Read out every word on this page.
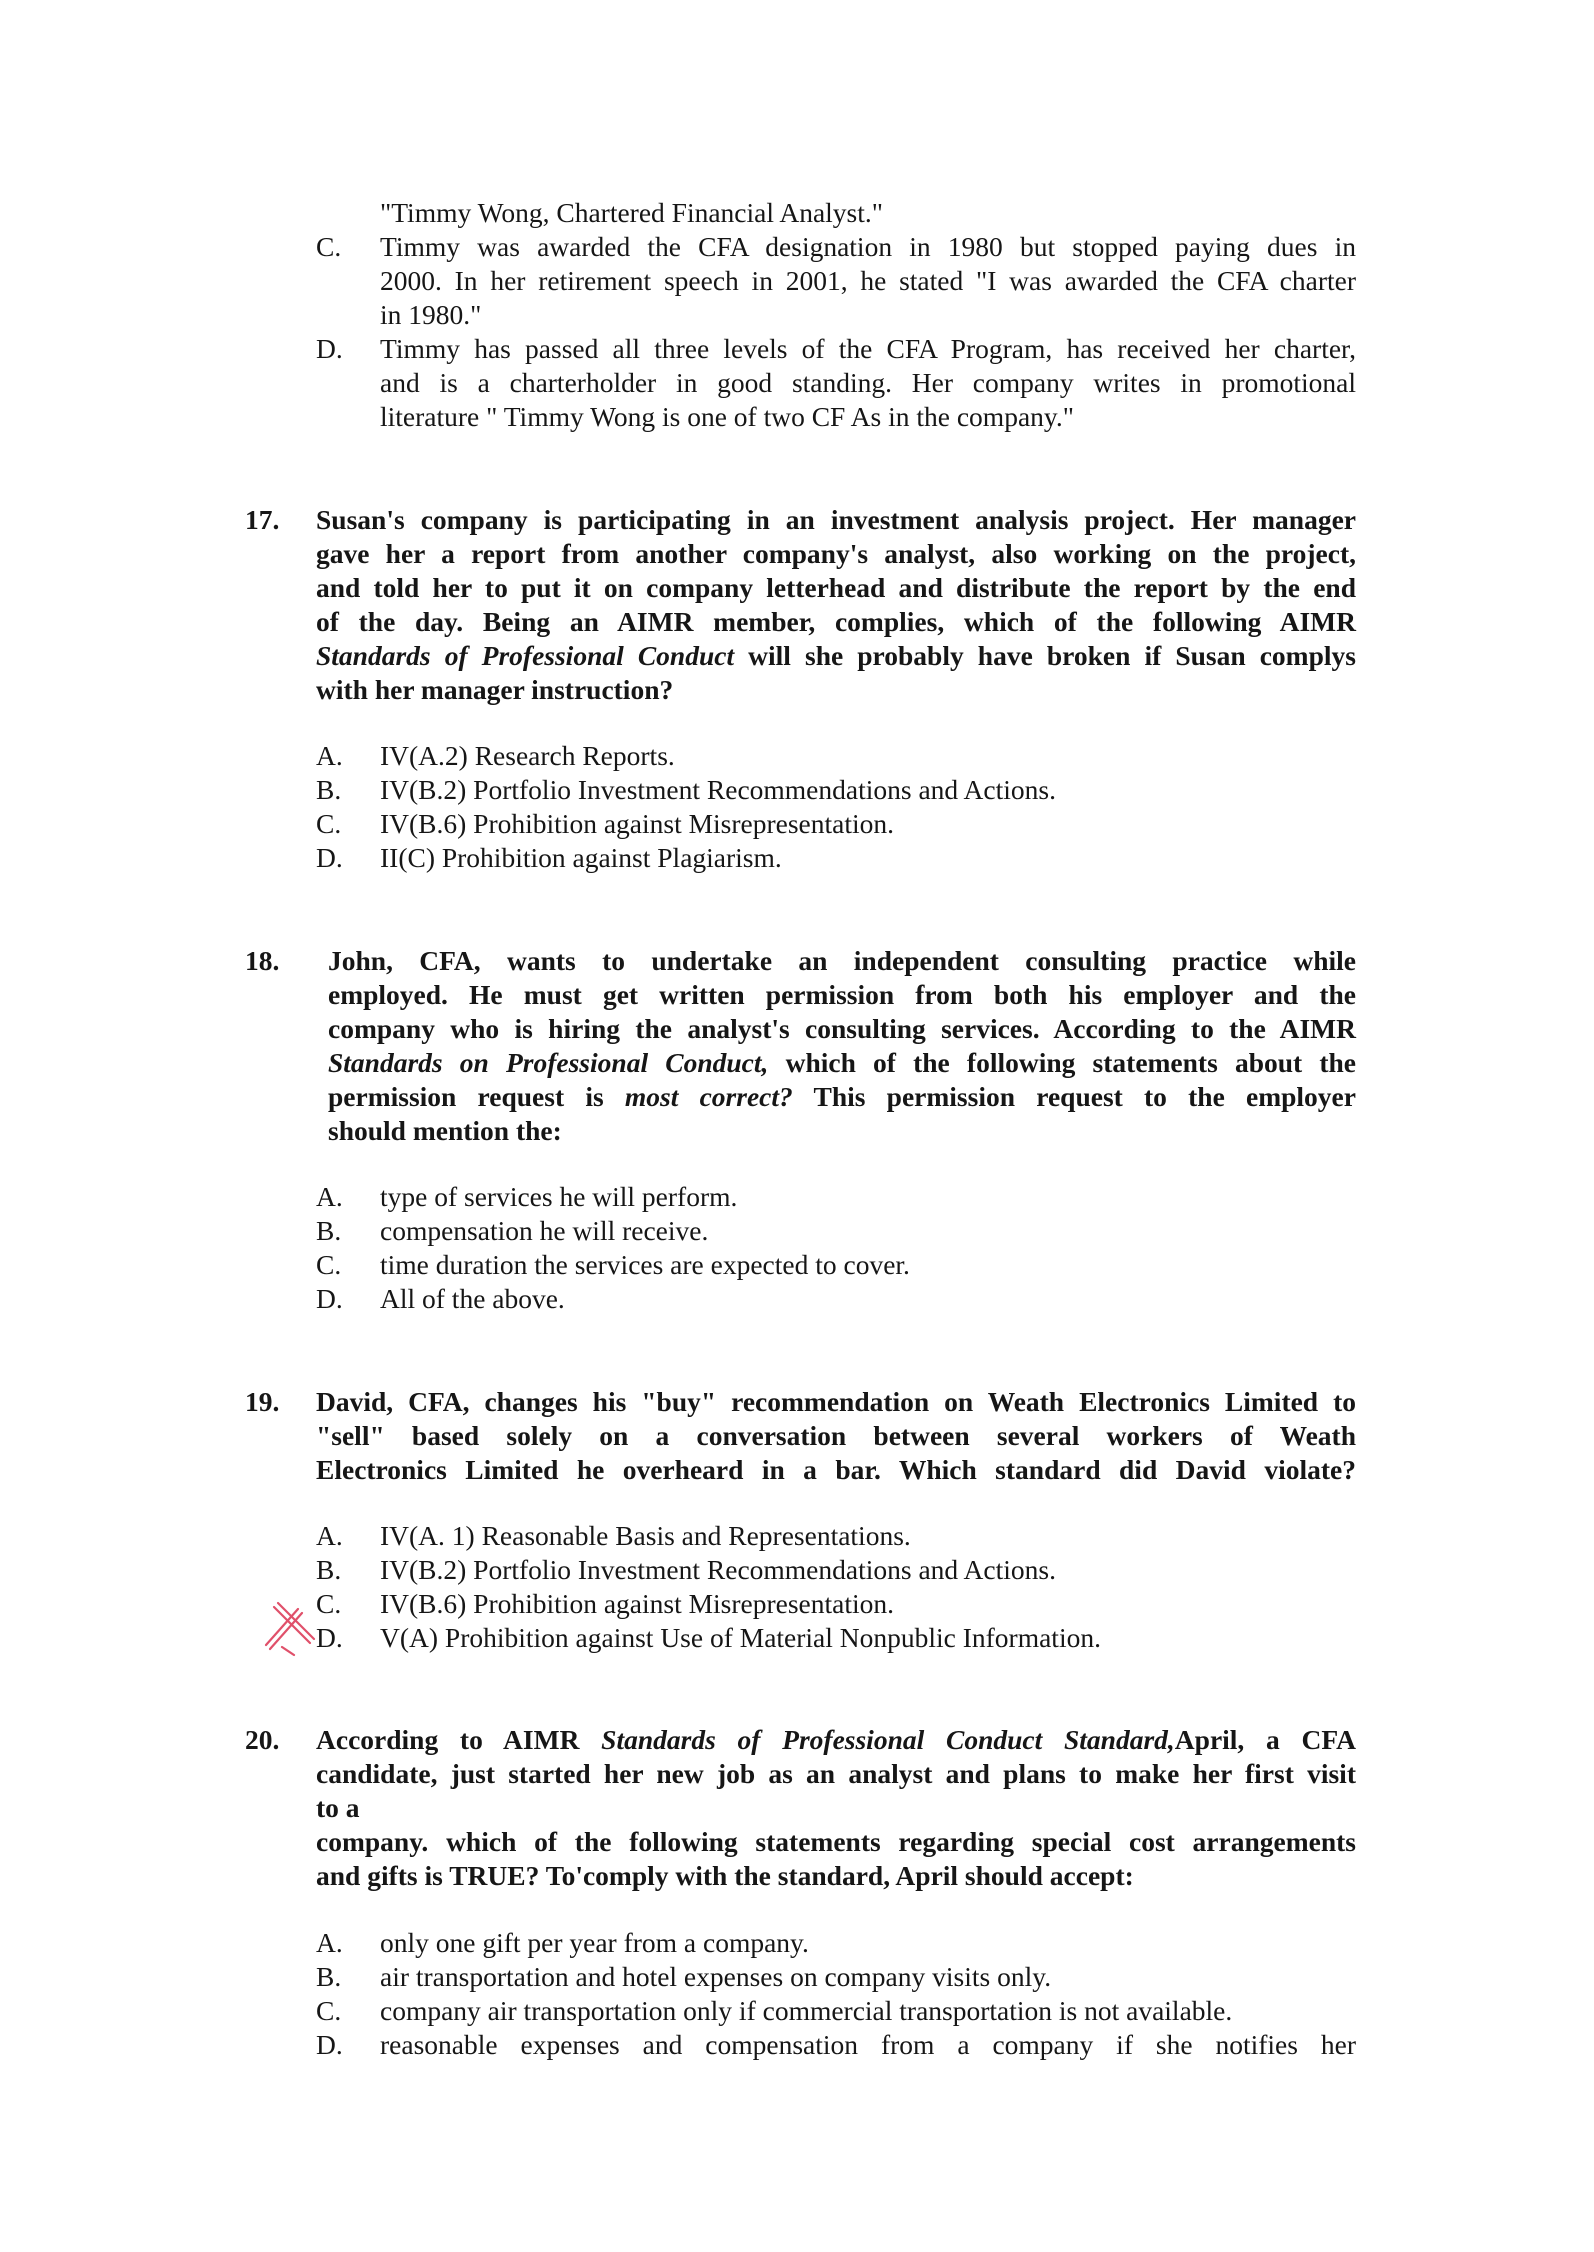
"Timmy Wong, Chartered Financial Analyst."

C.	Timmy was awarded the CFA designation in 1980 but stopped paying dues in
2000. In her retirement speech in 2001, he stated "I was awarded the CFA charter
in 1980."
D.	Timmy has passed all three levels of the CFA Program, has received her charter,
and is a charterholder in good standing. Her company writes in promotional
literature " Timmy Wong is one of two CF As in the company."
17. Susan's company is participating in an investment analysis project. Her manager

gave her a report from another company's analyst, also working on the project,

and told her to put it on company letterhead and distribute the report by the end

of the day. Being an AIMR member, complies, which of the following AIMR

Standards of Professional Conduct will she probably have broken if Susan complys

with her manager instruction?

A.	IV(A.2) Research Reports.
B.	IV(B.2) Portfolio Investment Recommendations and Actions.
C.	IV(B.6) Prohibition against Misrepresentation.
D.	II(C) Prohibition against Plagiarism.
18. John, CFA, wants to undertake an independent consulting practice while

employed. He must get written permission from both his employer and the

company who is hiring the analyst's consulting services. According to the AIMR

Standards on Professional Conduct, which of the following statements about the

permission request is most correct? This permission request to the employer

should mention the:

A.	type of services he will perform.
B.	compensation he will receive.
C.	time duration the services are expected to cover.
D.	All of the above.
19. David, CFA, changes his "buy" recommendation on Weath Electronics Limited to

"sell" based solely on a conversation between several workers of Weath

Electronics Limited he overheard in a bar. Which standard did David violate?

A.	IV(A. 1) Reasonable Basis and Representations.
B.	IV(B.2) Portfolio Investment Recommendations and Actions.
C.	IV(B.6) Prohibition against Misrepresentation.
D.	V(A) Prohibition against Use of Material Nonpublic Information.
20. According to AIMR Standards of Professional Conduct Standard,April, a CFA

candidate, just started her new job as an analyst and plans to make her first visit

to a

company. which of the following statements regarding special cost arrangements

and gifts is TRUE? To'comply with the standard, April should accept:

A.	only one gift per year from a company.
B.	air transportation and hotel expenses on company visits only.
C.	company air transportation only if commercial transportation is not available.
D.	reasonable expenses and compensation from a company if she notifies her
